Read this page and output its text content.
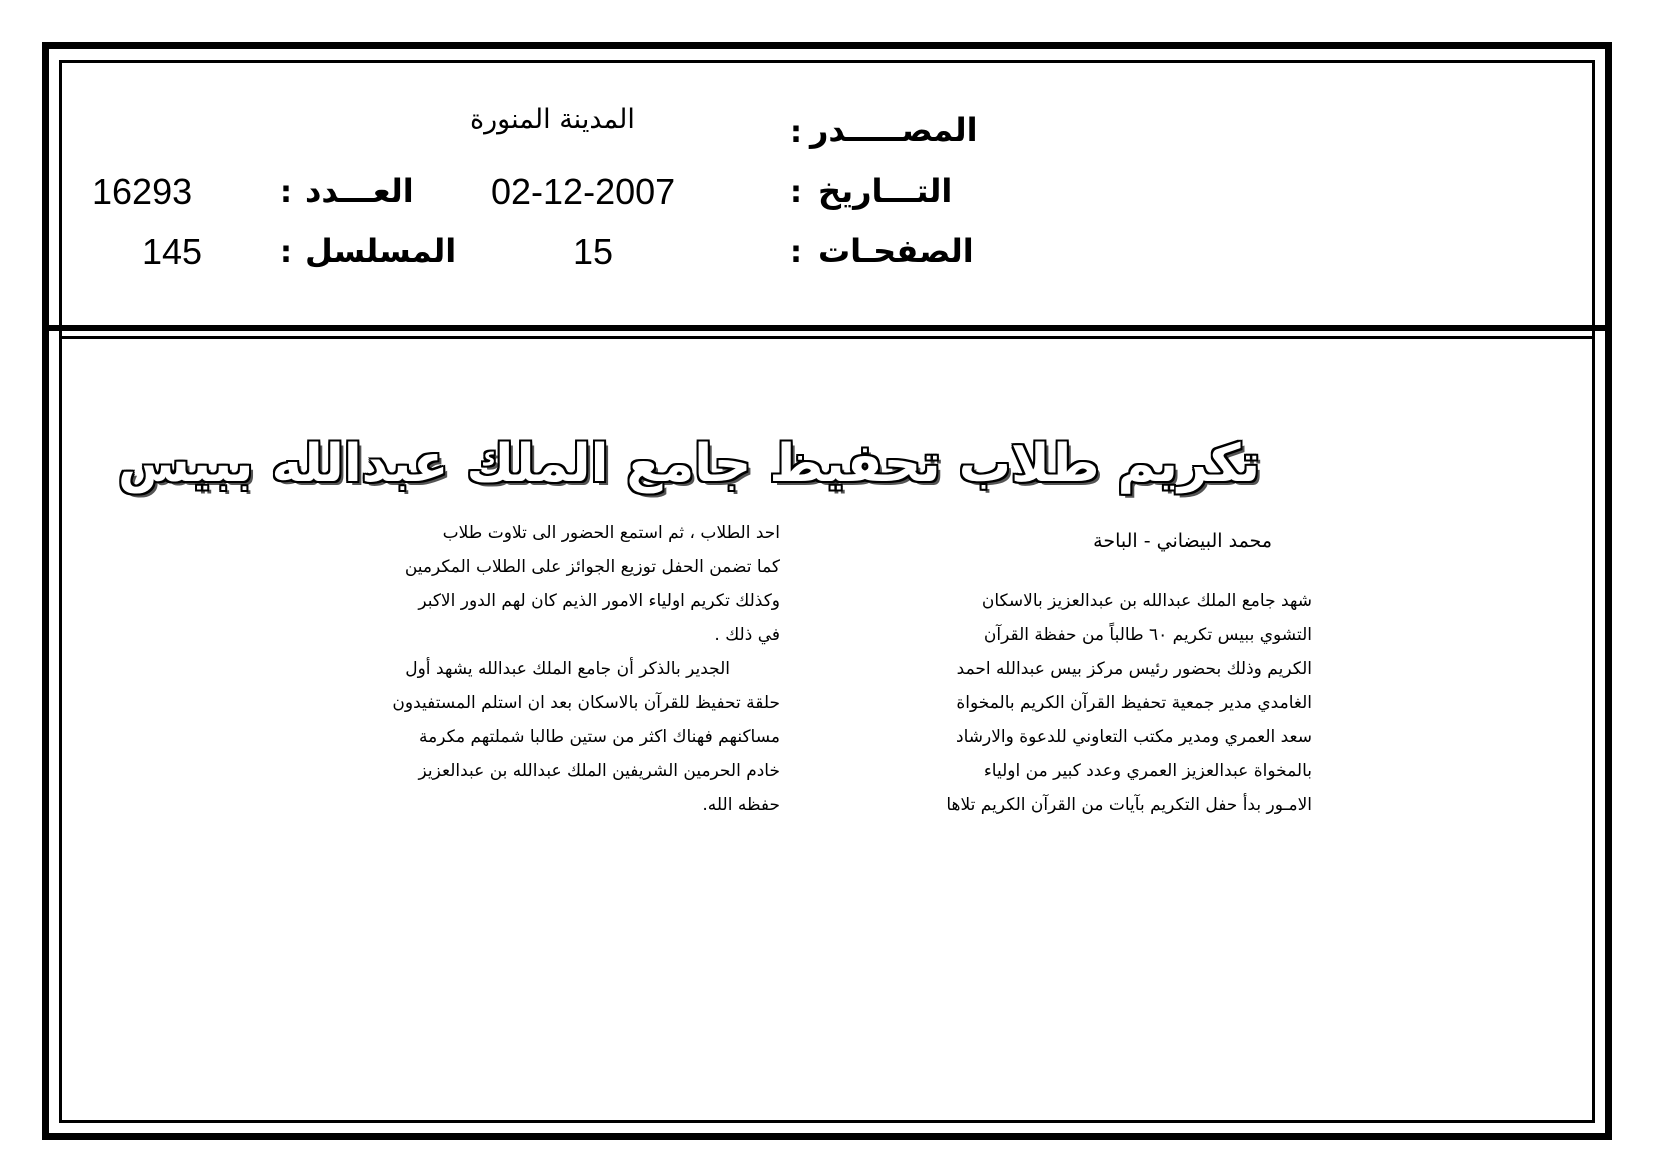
المصـــــدر
:
المدينة المنورة
التـــاريخ
:
02-12-2007
العـــدد
:
16293
الصفحـات
:
15
المسلسل
:
145
تكريم طلاب تحفيظ جامع الملك عبدالله ببيس
محمد البيضاني - الباحة
شهد جامع الملك عبدالله بن عبدالعزيز بالاسكان
التشوي ببيس تكريم ٦٠ طالباً من حفظة القرآن
الكريم وذلك بحضور رئيس مركز بيس عبدالله احمد
الغامدي مدير جمعية تحفيظ القرآن الكريم بالمخواة
سعد العمري ومدير مكتب التعاوني للدعوة والارشاد
بالمخواة عبدالعزيز العمري وعدد كبير من اولياء
الامـور بدأ حفل التكريم بآيات من القرآن الكريم تلاها
احد الطلاب ، ثم استمع الحضور الى تلاوت طلاب
كما تضمن الحفل توزيع الجوائز على الطلاب المكرمين
وكذلك تكريم اولياء الامور الذيم كان لهم الدور الاكبر
في ذلك .
الجدير بالذكر أن جامع الملك عبدالله يشهد أول
حلقة تحفيظ للقرآن بالاسكان بعد ان استلم المستفيدون
مساكنهم فهناك اكثر من ستين طالبا شملتهم مكرمة
خادم الحرمين الشريفين الملك عبدالله بن عبدالعزيز
حفظه الله.
